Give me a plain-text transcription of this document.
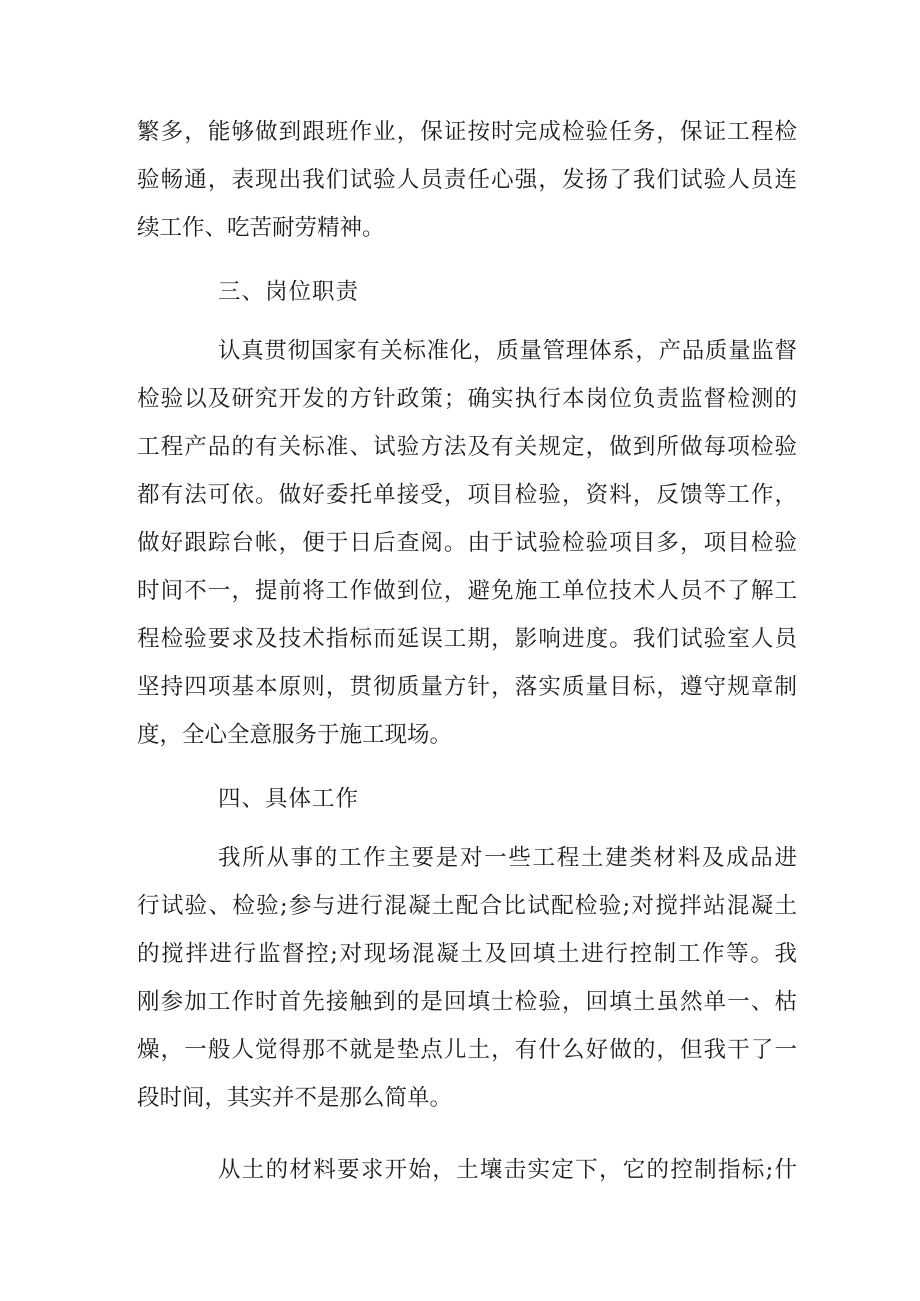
繁多，能够做到跟班作业，保证按时完成检验任务，保证工程检
验畅通，表现出我们试验人员责任心强，发扬了我们试验人员连
续工作、吃苦耐劳精神。
三、岗位职责
认真贯彻国家有关标准化，质量管理体系，产品质量监督
检验以及研究开发的方针政策；确实执行本岗位负责监督检测的
工程产品的有关标准、试验方法及有关规定，做到所做每项检验
都有法可依。做好委托单接受，项目检验，资料，反馈等工作，
做好跟踪台帐，便于日后查阅。由于试验检验项目多，项目检验
时间不一，提前将工作做到位，避免施工单位技术人员不了解工
程检验要求及技术指标而延误工期，影响进度。我们试验室人员
坚持四项基本原则，贯彻质量方针，落实质量目标，遵守规章制
度，全心全意服务于施工现场。
四、具体工作
我所从事的工作主要是对一些工程土建类材料及成品进
行试验、检验;参与进行混凝土配合比试配检验;对搅拌站混凝土
的搅拌进行监督控;对现场混凝土及回填土进行控制工作等。我
刚参加工作时首先接触到的是回填士检验，回填土虽然单一、枯
燥，一般人觉得那不就是垫点儿土，有什么好做的，但我干了一
段时间，其实并不是那么简单。
从土的材料要求开始，土壤击实定下，它的控制指标;什
